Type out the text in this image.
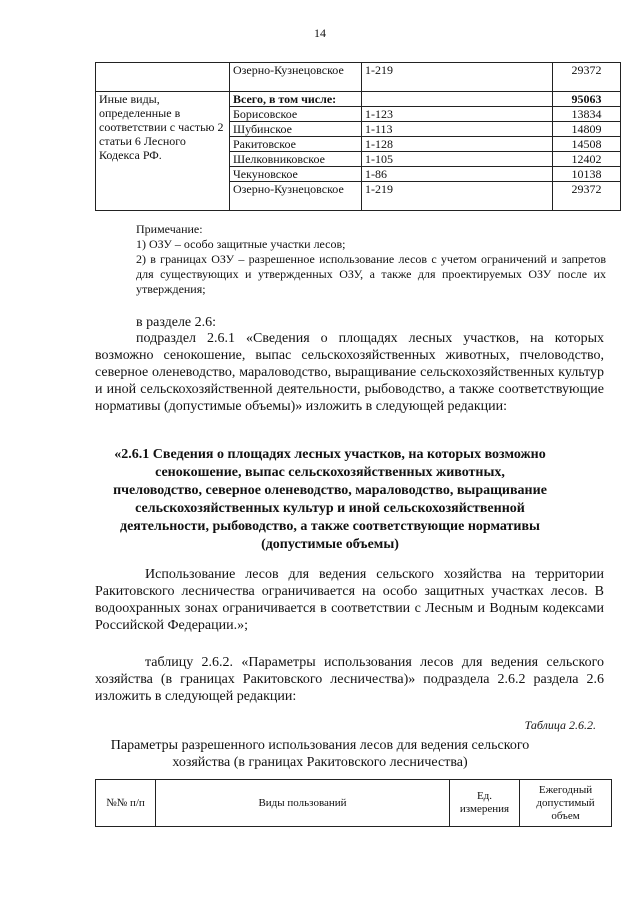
14
	Озерно-Кузнецовское	1-219	29372
Иные виды, определенные в соответствии с частью 2 статьи 6 Лесного Кодекса РФ.	Всего, в том числе:		95063
	Борисовское	1-123	13834
	Шубинское	1-113	14809
	Ракитовское	1-128	14508
	Шелковниковское	1-105	12402
	Чекуновское	1-86	10138
	Озерно-Кузнецовское	1-219	29372
Примечание:
1) ОЗУ – особо защитные участки лесов;
2) в границах ОЗУ – разрешенное использование лесов с учетом ограничений и запретов для существующих и утвержденных ОЗУ, а также для проектируемых ОЗУ после их утверждения;
в разделе 2.6:
подраздел 2.6.1 «Сведения о площадях лесных участков, на которых возможно сенокошение, выпас сельскохозяйственных животных, пчеловодство, северное оленеводство, мараловодство, выращивание сельскохозяйственных культур и иной сельскохозяйственной деятельности, рыбоводство, а также соответствующие нормативы (допустимые объемы)» изложить в следующей редакции:
«2.6.1 Сведения о площадях лесных участков, на которых возможно сенокошение, выпас сельскохозяйственных животных, пчеловодство, северное оленеводство, мараловодство, выращивание сельскохозяйственных культур и иной сельскохозяйственной деятельности, рыбоводство, а также соответствующие нормативы (допустимые объемы)
Использование лесов для ведения сельского хозяйства на территории Ракитовского лесничества ограничивается на особо защитных участках лесов. В водоохранных зонах ограничивается в соответствии с Лесным и Водным кодексами Российской Федерации.»;
таблицу 2.6.2. «Параметры использования лесов для ведения сельского хозяйства (в границах Ракитовского лесничества)» подраздела 2.6.2 раздела 2.6 изложить в следующей редакции:
Таблица 2.6.2.
Параметры разрешенного использования лесов для ведения сельского хозяйства (в границах Ракитовского лесничества)
№№ п/п	Виды пользований	Ед. измерения	Ежегодный допустимый объем
